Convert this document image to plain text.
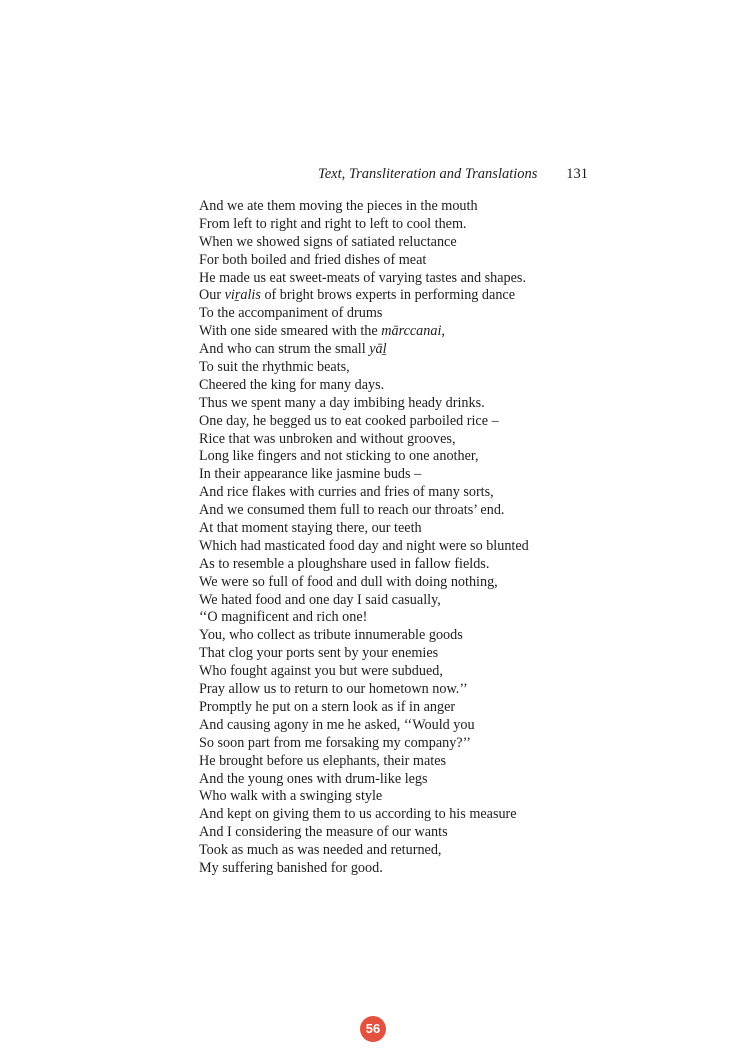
Text, Transliteration and Translations 131
And we ate them moving the pieces in the mouth
From left to right and right to left to cool them.
When we showed signs of satiated reluctance
For both boiled and fried dishes of meat
He made us eat sweet-meats of varying tastes and shapes.
Our viṟalis of bright brows experts in performing dance
To the accompaniment of drums
With one side smeared with the mārccanai,
And who can strum the small yāḻ
To suit the rhythmic beats,
Cheered the king for many days.
Thus we spent many a day imbibing heady drinks.
One day, he begged us to eat cooked parboiled rice –
Rice that was unbroken and without grooves,
Long like fingers and not sticking to one another,
In their appearance like jasmine buds –
And rice flakes with curries and fries of many sorts,
And we consumed them full to reach our throats’ end.
At that moment staying there, our teeth
Which had masticated food day and night were so blunted
As to resemble a ploughshare used in fallow fields.
We were so full of food and dull with doing nothing,
We hated food and one day I said casually,
‘‘O magnificent and rich one!
You, who collect as tribute innumerable goods
That clog your ports sent by your enemies
Who fought against you but were subdued,
Pray allow us to return to our hometown now.’’
Promptly he put on a stern look as if in anger
And causing agony in me he asked, ‘‘Would you
So soon part from me forsaking my company?’’
He brought before us elephants, their mates
And the young ones with drum-like legs
Who walk with a swinging style
And kept on giving them to us according to his measure
And I considering the measure of our wants
Took as much as was needed and returned,
My suffering banished for good.
56
